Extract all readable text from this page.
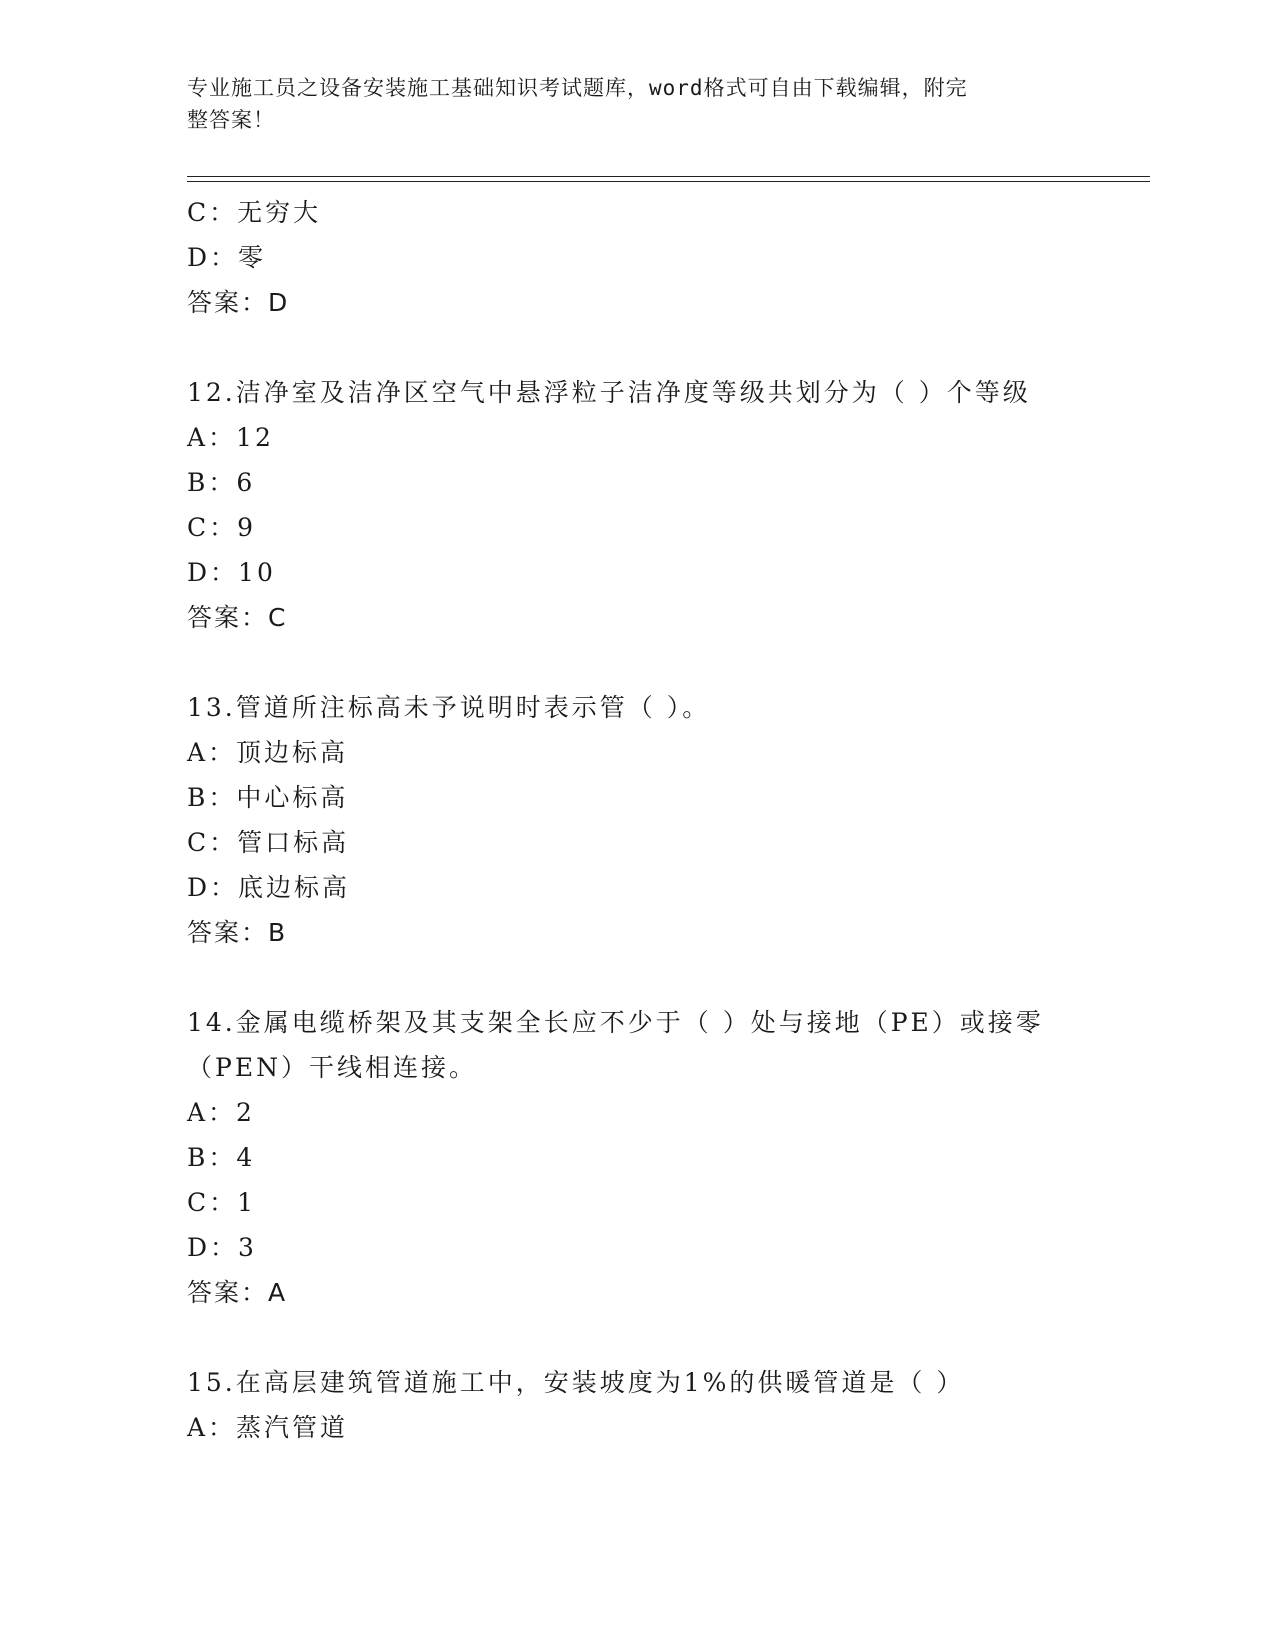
专业施工员之设备安装施工基础知识考试题库，word格式可自由下载编辑，附完
整答案！
C：无穷大
D：零
答案：D
12.洁净室及洁净区空气中悬浮粒子洁净度等级共划分为（ ）个等级
A：12
B：6
C：9
D：10
答案：C
13.管道所注标高未予说明时表示管（ ）。
A：顶边标高
B：中心标高
C：管口标高
D：底边标高
答案：B
14.金属电缆桥架及其支架全长应不少于（ ）处与接地（PE）或接零
（PEN）干线相连接。
A：2
B：4
C：1
D：3
答案：A
15.在高层建筑管道施工中，安装坡度为1%的供暖管道是（ ）
A：蒸汽管道
